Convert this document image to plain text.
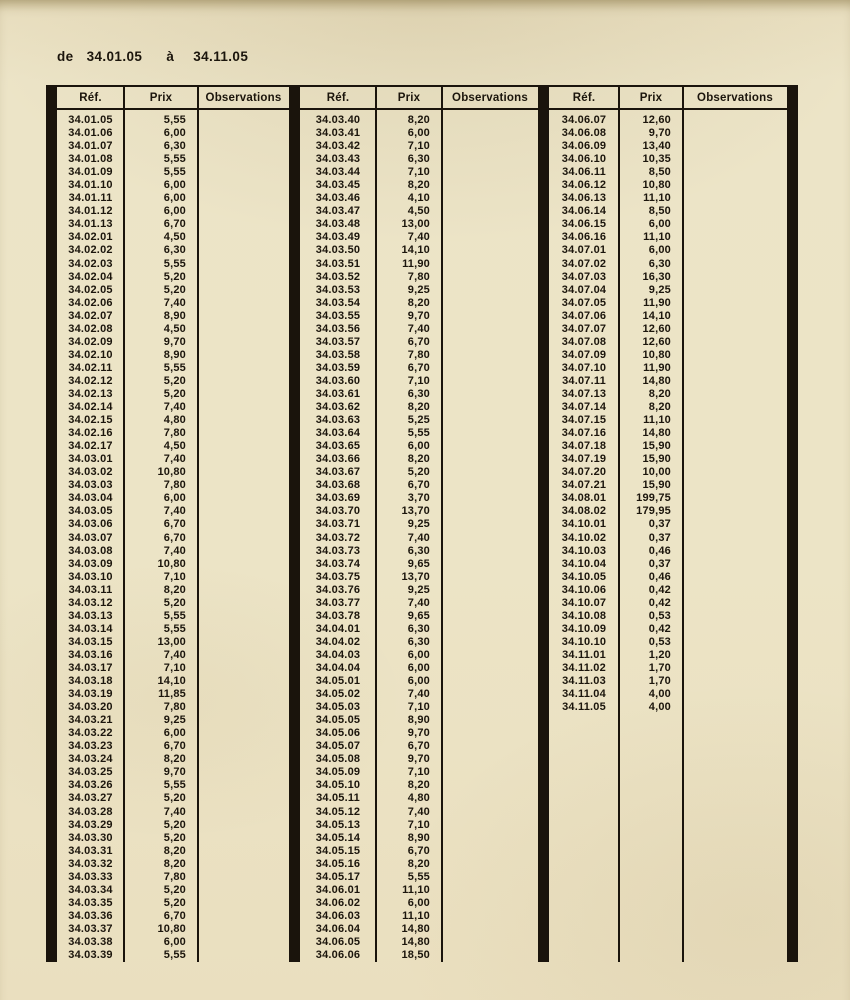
de 34.01.05 à 34.11.05
Réf.	Prix	Observations
34.01.05	5,55
34.01.06	6,00
34.01.07	6,30
34.01.08	5,55
34.01.09	5,55
34.01.10	6,00
34.01.11	6,00
34.01.12	6,00
34.01.13	6,70
34.02.01	4,50
34.02.02	6,30
34.02.03	5,55
34.02.04	5,20
34.02.05	5,20
34.02.06	7,40
34.02.07	8,90
34.02.08	4,50
34.02.09	9,70
34.02.10	8,90
34.02.11	5,55
34.02.12	5,20
34.02.13	5,20
34.02.14	7,40
34.02.15	4,80
34.02.16	7,80
34.02.17	4,50
34.03.01	7,40
34.03.02	10,80
34.03.03	7,80
34.03.04	6,00
34.03.05	7,40
34.03.06	6,70
34.03.07	6,70
34.03.08	7,40
34.03.09	10,80
34.03.10	7,10
34.03.11	8,20
34.03.12	5,20
34.03.13	5,55
34.03.14	5,55
34.03.15	13,00
34.03.16	7,40
34.03.17	7,10
34.03.18	14,10
34.03.19	11,85
34.03.20	7,80
34.03.21	9,25
34.03.22	6,00
34.03.23	6,70
34.03.24	8,20
34.03.25	9,70
34.03.26	5,55
34.03.27	5,20
34.03.28	7,40
34.03.29	5,20
34.03.30	5,20
34.03.31	8,20
34.03.32	8,20
34.03.33	7,80
34.03.34	5,20
34.03.35	5,20
34.03.36	6,70
34.03.37	10,80
34.03.38	6,00
34.03.39	5,55
Réf.	Prix	Observations
34.03.40	8,20
34.03.41	6,00
34.03.42	7,10
34.03.43	6,30
34.03.44	7,10
34.03.45	8,20
34.03.46	4,10
34.03.47	4,50
34.03.48	13,00
34.03.49	7,40
34.03.50	14,10
34.03.51	11,90
34.03.52	7,80
34.03.53	9,25
34.03.54	8,20
34.03.55	9,70
34.03.56	7,40
34.03.57	6,70
34.03.58	7,80
34.03.59	6,70
34.03.60	7,10
34.03.61	6,30
34.03.62	8,20
34.03.63	5,25
34.03.64	5,55
34.03.65	6,00
34.03.66	8,20
34.03.67	5,20
34.03.68	6,70
34.03.69	3,70
34.03.70	13,70
34.03.71	9,25
34.03.72	7,40
34.03.73	6,30
34.03.74	9,65
34.03.75	13,70
34.03.76	9,25
34.03.77	7,40
34.03.78	9,65
34.04.01	6,30
34.04.02	6,30
34.04.03	6,00
34.04.04	6,00
34.05.01	6,00
34.05.02	7,40
34.05.03	7,10
34.05.05	8,90
34.05.06	9,70
34.05.07	6,70
34.05.08	9,70
34.05.09	7,10
34.05.10	8,20
34.05.11	4,80
34.05.12	7,40
34.05.13	7,10
34.05.14	8,90
34.05.15	6,70
34.05.16	8,20
34.05.17	5,55
34.06.01	11,10
34.06.02	6,00
34.06.03	11,10
34.06.04	14,80
34.06.05	14,80
34.06.06	18,50
Réf.	Prix	Observations
34.06.07	12,60
34.06.08	9,70
34.06.09	13,40
34.06.10	10,35
34.06.11	8,50
34.06.12	10,80
34.06.13	11,10
34.06.14	8,50
34.06.15	6,00
34.06.16	11,10
34.07.01	6,00
34.07.02	6,30
34.07.03	16,30
34.07.04	9,25
34.07.05	11,90
34.07.06	14,10
34.07.07	12,60
34.07.08	12,60
34.07.09	10,80
34.07.10	11,90
34.07.11	14,80
34.07.13	8,20
34.07.14	8,20
34.07.15	11,10
34.07.16	14,80
34.07.18	15,90
34.07.19	15,90
34.07.20	10,00
34.07.21	15,90
34.08.01	199,75
34.08.02	179,95
34.10.01	0,37
34.10.02	0,37
34.10.03	0,46
34.10.04	0,37
34.10.05	0,46
34.10.06	0,42
34.10.07	0,42
34.10.08	0,53
34.10.09	0,42
34.10.10	0,53
34.11.01	1,20
34.11.02	1,70
34.11.03	1,70
34.11.04	4,00
34.11.05	4,00
